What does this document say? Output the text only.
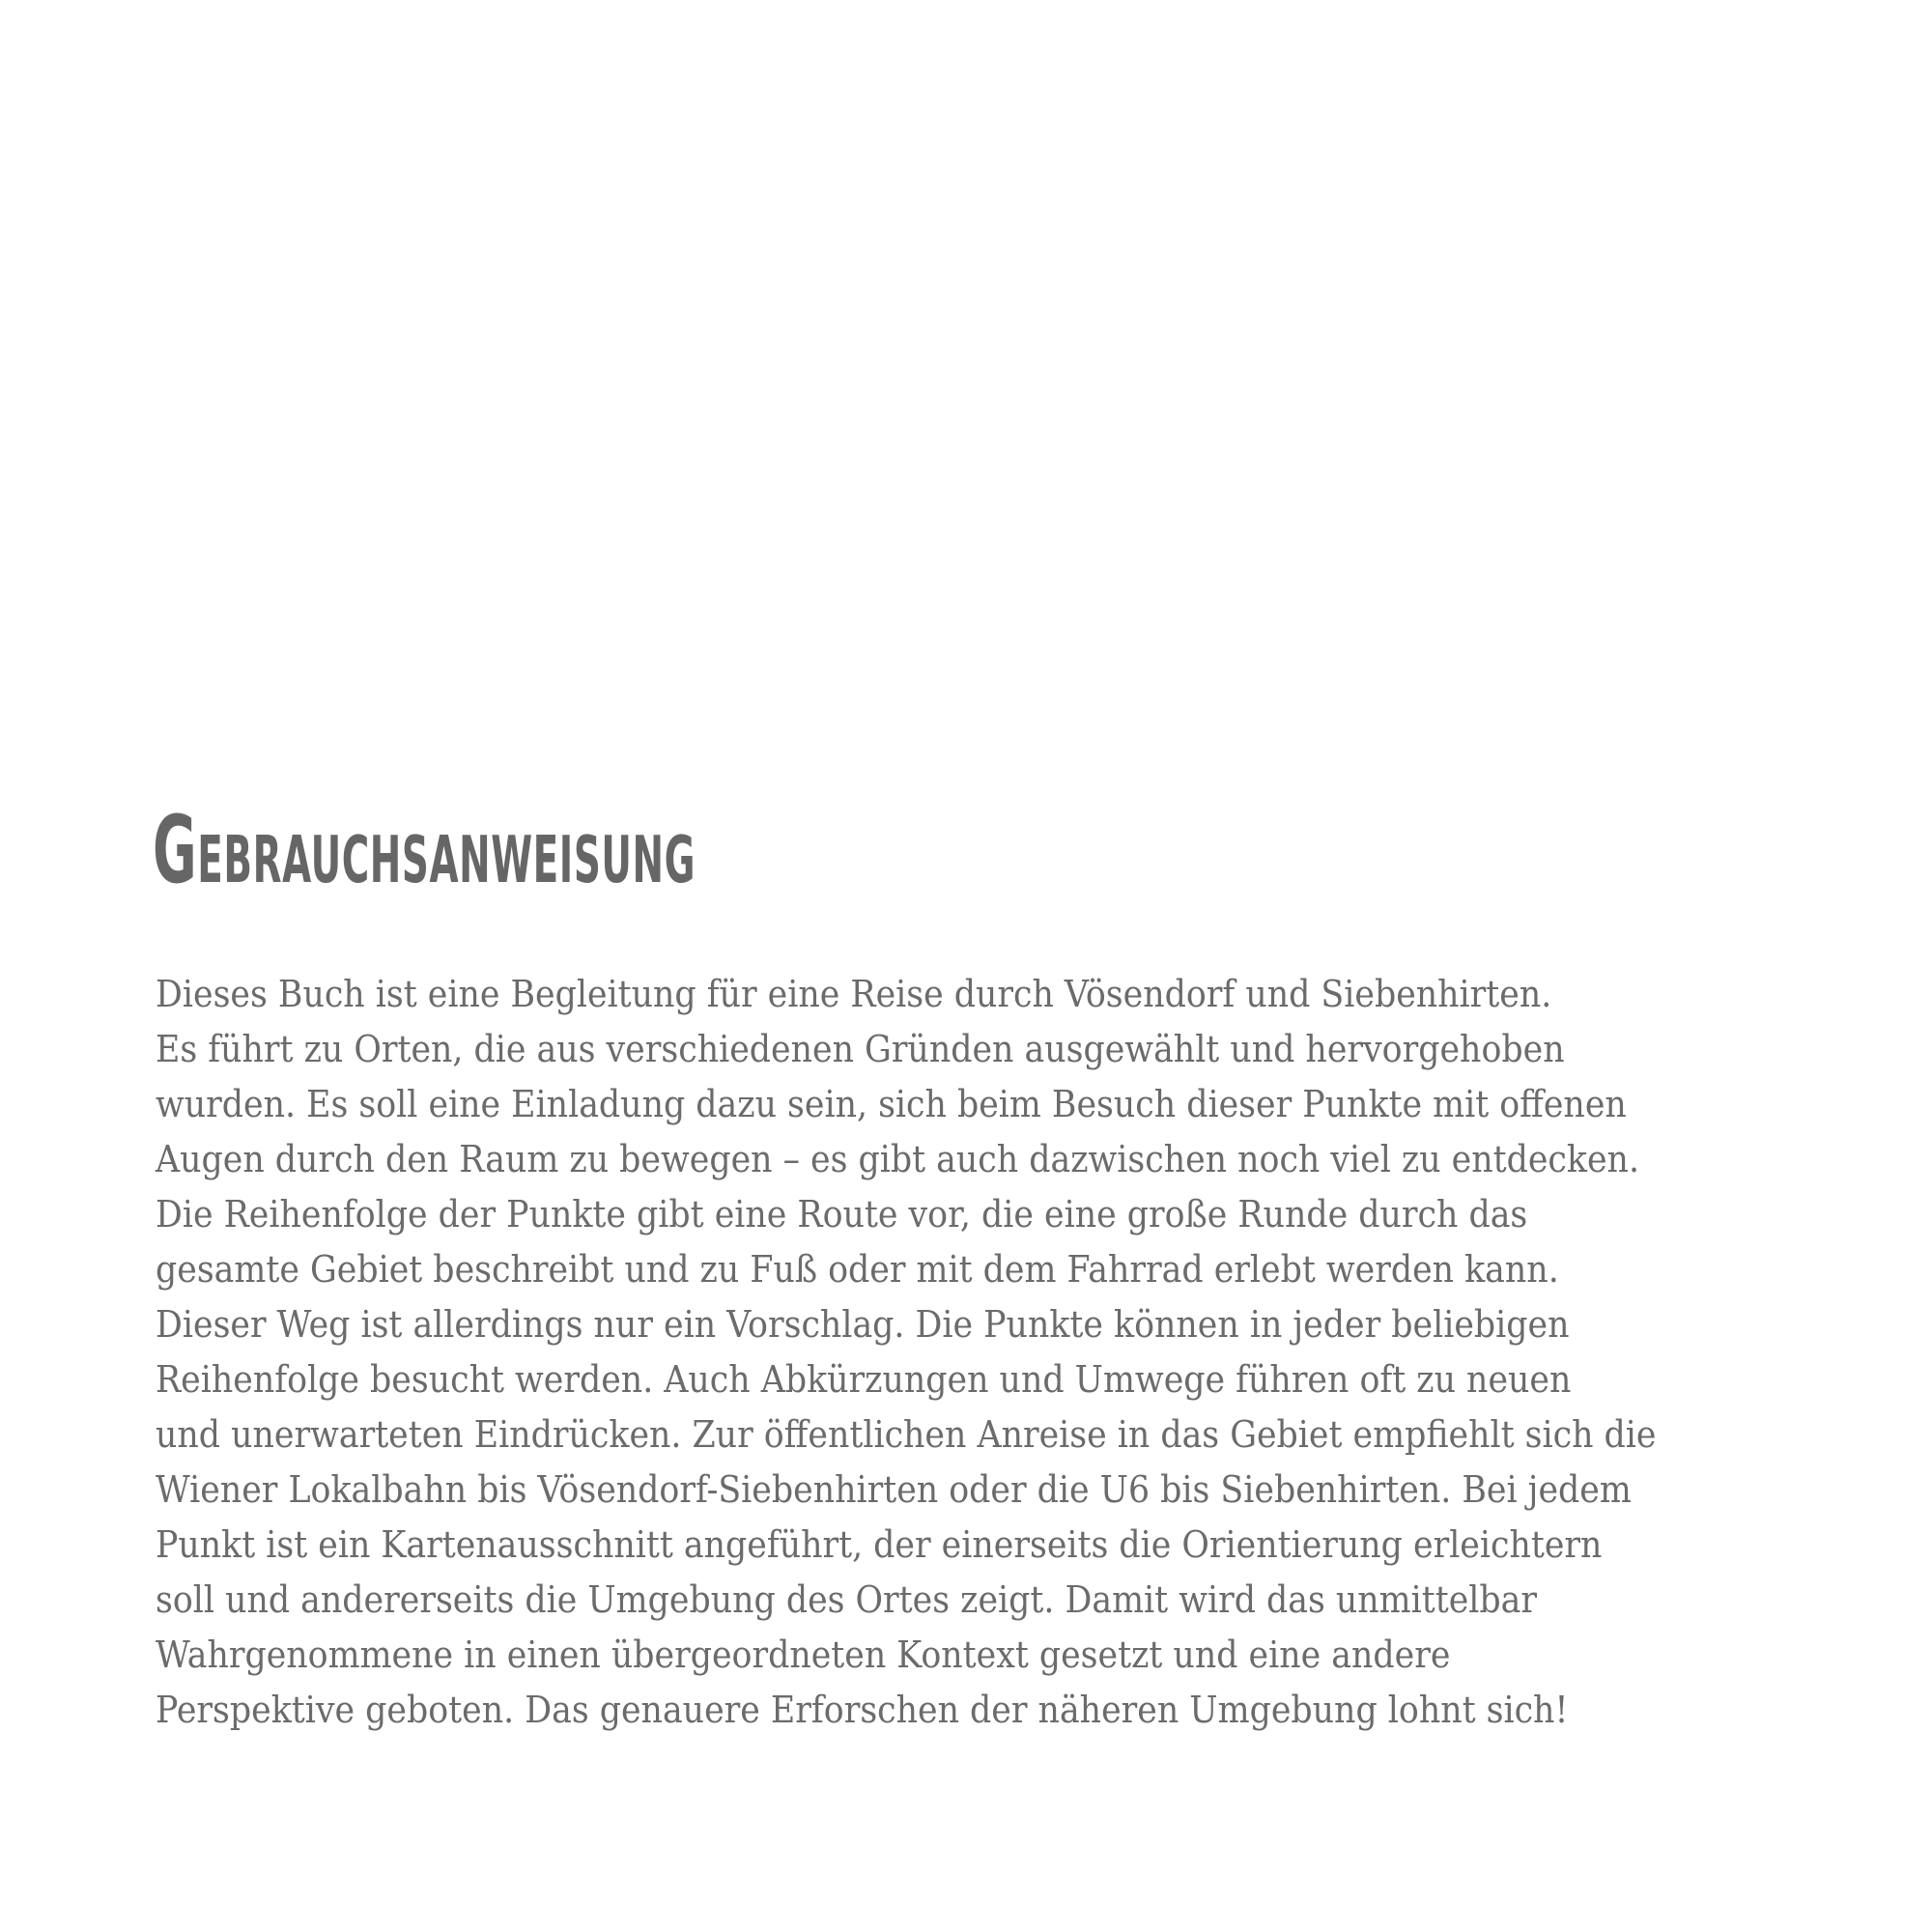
Gebrauchsanweisung
Dieses Buch ist eine Begleitung für eine Reise durch Vösendorf und Siebenhirten.
Es führt zu Orten, die aus verschiedenen Gründen ausgewählt und hervorgehoben
wurden. Es soll eine Einladung dazu sein, sich beim Besuch dieser Punkte mit offenen
Augen durch den Raum zu bewegen – es gibt auch dazwischen noch viel zu entdecken.
Die Reihenfolge der Punkte gibt eine Route vor, die eine große Runde durch das
gesamte Gebiet beschreibt und zu Fuß oder mit dem Fahrrad erlebt werden kann.
Dieser Weg ist allerdings nur ein Vorschlag. Die Punkte können in jeder beliebigen
Reihenfolge besucht werden. Auch Abkürzungen und Umwege führen oft zu neuen
und unerwarteten Eindrücken. Zur öffentlichen Anreise in das Gebiet empfiehlt sich die
Wiener Lokalbahn bis Vösendorf-Siebenhirten oder die U6 bis Siebenhirten. Bei jedem
Punkt ist ein Kartenausschnitt angeführt, der einerseits die Orientierung erleichtern
soll und andererseits die Umgebung des Ortes zeigt. Damit wird das unmittelbar
Wahrgenommene in einen übergeordneten Kontext gesetzt und eine andere
Perspektive geboten. Das genauere Erforschen der näheren Umgebung lohnt sich!
